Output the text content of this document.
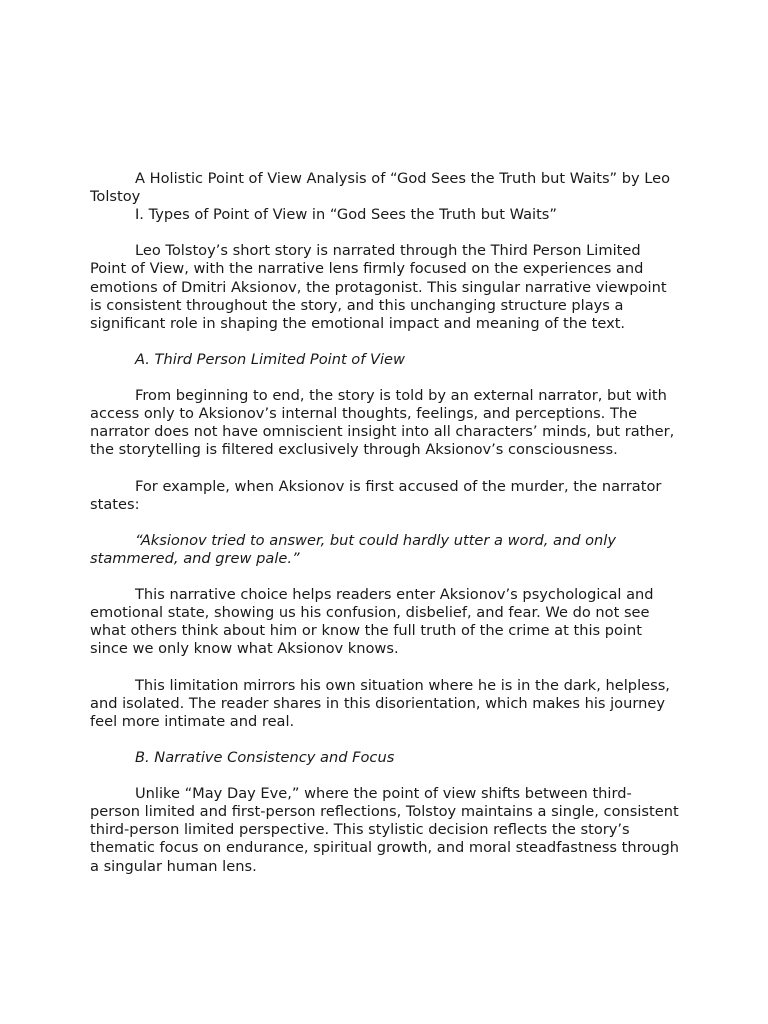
A Holistic Point of View Analysis of “God Sees the Truth but Waits” by Leo Tolstoy

I. Types of Point of View in “God Sees the Truth but Waits”

Leo Tolstoy’s short story is narrated through the Third Person Limited Point of View, with the narrative lens firmly focused on the experiences and emotions of Dmitri Aksionov, the protagonist. This singular narrative viewpoint is consistent throughout the story, and this unchanging structure plays a significant role in shaping the emotional impact and meaning of the text.

A. Third Person Limited Point of View

From beginning to end, the story is told by an external narrator, but with access only to Aksionov’s internal thoughts, feelings, and perceptions. The narrator does not have omniscient insight into all characters’ minds, but rather, the storytelling is filtered exclusively through Aksionov’s consciousness.

For example, when Aksionov is first accused of the murder, the narrator states:

“Aksionov tried to answer, but could hardly utter a word, and only stammered, and grew pale.”

This narrative choice helps readers enter Aksionov’s psychological and emotional state, showing us his confusion, disbelief, and fear. We do not see what others think about him or know the full truth of the crime at this point since we only know what Aksionov knows.

This limitation mirrors his own situation where he is in the dark, helpless, and isolated. The reader shares in this disorientation, which makes his journey feel more intimate and real.

B. Narrative Consistency and Focus

Unlike “May Day Eve,” where the point of view shifts between third-person limited and first-person reflections, Tolstoy maintains a single, consistent third-person limited perspective. This stylistic decision reflects the story’s thematic focus on endurance, spiritual growth, and moral steadfastness through a singular human lens.
